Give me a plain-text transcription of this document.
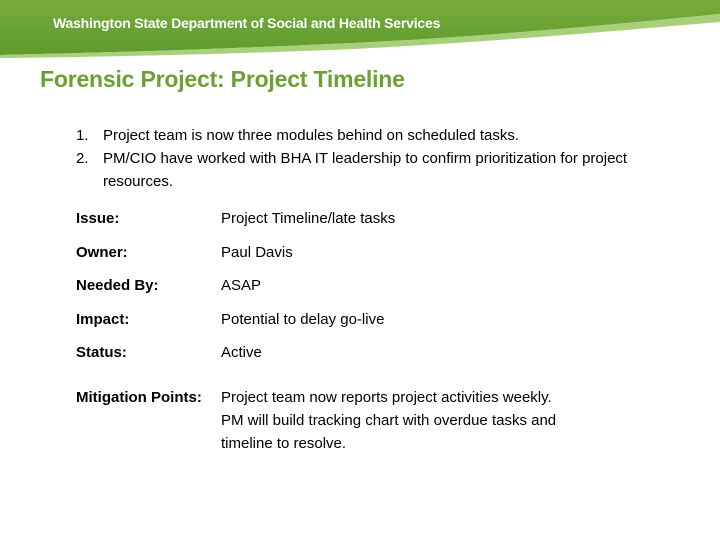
Washington State Department of Social and Health Services
Forensic Project: Project Timeline
1. Project team is now three modules behind on scheduled tasks.
2. PM/CIO have worked with BHA IT leadership to confirm prioritization for project resources.
Issue:	Project Timeline/late tasks
Owner:	Paul Davis
Needed By:	ASAP
Impact:	Potential to delay go-live
Status:	Active
Mitigation Points: Project team now reports project activities weekly.
PM will build tracking chart with overdue tasks and timeline to resolve.
